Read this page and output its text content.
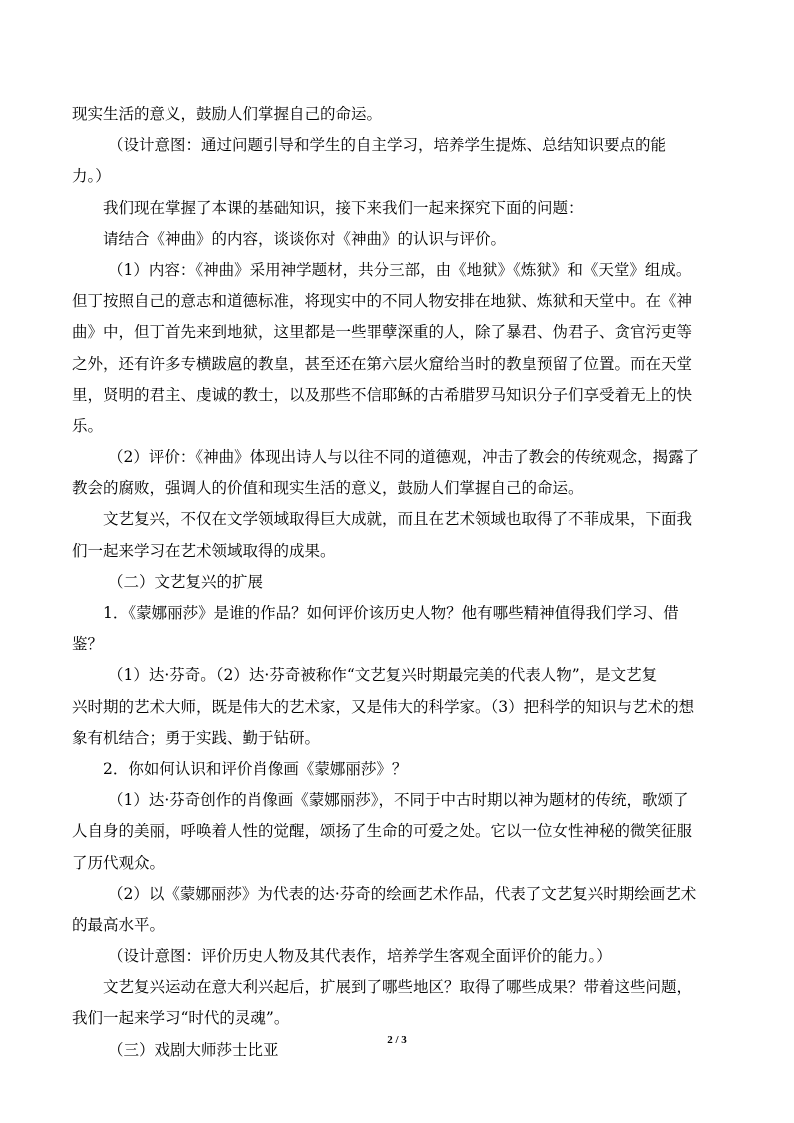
现实生活的意义，鼓励人们掌握自己的命运。

（设计意图：通过问题引导和学生的自主学习，培养学生提炼、总结知识要点的能

力。）

我们现在掌握了本课的基础知识，接下来我们一起来探究下面的问题：

请结合《神曲》的内容，谈谈你对《神曲》的认识与评价。

（1）内容：《神曲》采用神学题材，共分三部，由《地狱》《炼狱》和《天堂》组成。

但丁按照自己的意志和道德标准，将现实中的不同人物安排在地狱、炼狱和天堂中。在《神

曲》中，但丁首先来到地狱，这里都是一些罪孽深重的人，除了暴君、伪君子、贪官污吏等

之外，还有许多专横跋扈的教皇，甚至还在第六层火窟给当时的教皇预留了位置。而在天堂

里，贤明的君主、虔诚的教士，以及那些不信耶稣的古希腊罗马知识分子们享受着无上的快

乐。

（2）评价：《神曲》体现出诗人与以往不同的道德观，冲击了教会的传统观念，揭露了

教会的腐败，强调人的价值和现实生活的意义，鼓励人们掌握自己的命运。

文艺复兴，不仅在文学领域取得巨大成就，而且在艺术领域也取得了不菲成果，下面我

们一起来学习在艺术领域取得的成果。

（二）文艺复兴的扩展

1．《蒙娜丽莎》是谁的作品？如何评价该历史人物？他有哪些精神值得我们学习、借

鉴？

（1）达·芬奇。（2）达·芬奇被称作“文艺复兴时期最完美的代表人物”，是文艺复

兴时期的艺术大师，既是伟大的艺术家，又是伟大的科学家。（3）把科学的知识与艺术的想

象有机结合；勇于实践、勤于钻研。

2．你如何认识和评价肖像画《蒙娜丽莎》？

（1）达·芬奇创作的肖像画《蒙娜丽莎》，不同于中古时期以神为题材的传统，歌颂了

人自身的美丽，呼唤着人性的觉醒，颂扬了生命的可爱之处。它以一位女性神秘的微笑征服

了历代观众。

（2）以《蒙娜丽莎》为代表的达·芬奇的绘画艺术作品，代表了文艺复兴时期绘画艺术

的最高水平。

（设计意图：评价历史人物及其代表作，培养学生客观全面评价的能力。）

文艺复兴运动在意大利兴起后，扩展到了哪些地区？取得了哪些成果？带着这些问题，

我们一起来学习“时代的灵魂”。

（三）戏剧大师莎士比亚

2 / 3
